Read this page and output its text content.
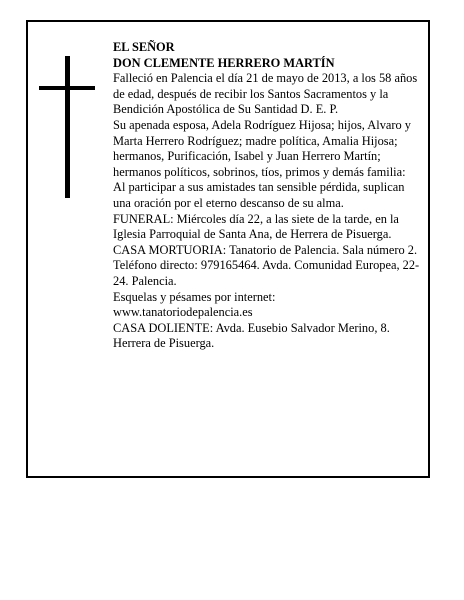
EL SEÑOR

DON CLEMENTE HERRERO MARTÍN

Falleció en Palencia el día 21 de mayo de 2013, a los 58 años de edad, después de recibir los Santos Sacramentos y la Bendición Apostólica de Su Santidad D. E. P.

Su apenada esposa, Adela Rodríguez Hijosa; hijos, Alvaro y Marta Herrero Rodríguez; madre política, Amalia Hijosa; hermanos, Purificación, Isabel y Juan Herrero Martín; hermanos políticos, sobrinos, tíos, primos y demás familia:

Al participar a sus amistades tan sensible pérdida, suplican una oración por el eterno descanso de su alma.

FUNERAL: Miércoles día 22, a las siete de la tarde, en la Iglesia Parroquial de Santa Ana, de Herrera de Pisuerga.

CASA MORTUORIA: Tanatorio de Palencia. Sala número 2. Teléfono directo: 979165464. Avda. Comunidad Europea, 22-24. Palencia.

Esquelas y pésames por internet:

www.tanatoriodepalencia.es

CASA DOLIENTE: Avda. Eusebio Salvador Merino, 8. Herrera de Pisuerga.
